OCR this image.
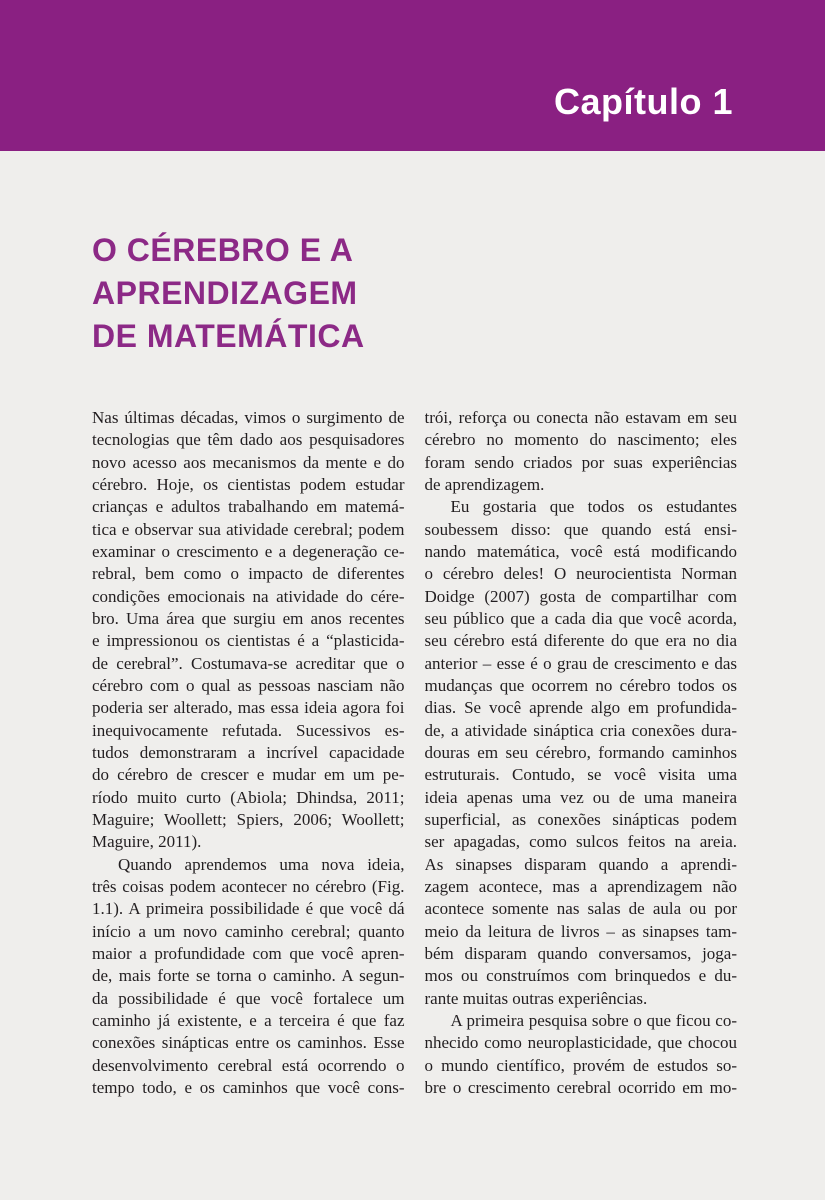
Capítulo 1
O CÉREBRO E A
APRENDIZAGEM
DE MATEMÁTICA
Nas últimas décadas, vimos o surgimento de
tecnologias que têm dado aos pesquisadores
novo acesso aos mecanismos da mente e do
cérebro. Hoje, os cientistas podem estudar
crianças e adultos trabalhando em matemá-
tica e observar sua atividade cerebral; podem
examinar o crescimento e a degeneração ce-
rebral, bem como o impacto de diferentes
condições emocionais na atividade do cére-
bro. Uma área que surgiu em anos recentes
e impressionou os cientistas é a “plasticida-
de cerebral”. Costumava-se acreditar que o
cérebro com o qual as pessoas nasciam não
poderia ser alterado, mas essa ideia agora foi
inequivocamente refutada. Sucessivos es-
tudos demonstraram a incrível capacidade
do cérebro de crescer e mudar em um pe-
ríodo muito curto (Abiola; Dhindsa, 2011;
Maguire; Woollett; Spiers, 2006; Woollett;
Maguire, 2011).
Quando aprendemos uma nova ideia,
três coisas podem acontecer no cérebro (Fig.
1.1). A primeira possibilidade é que você dá
início a um novo caminho cerebral; quanto
maior a profundidade com que você apren-
de, mais forte se torna o caminho. A segun-
da possibilidade é que você fortalece um
caminho já existente, e a terceira é que faz
conexões sinápticas entre os caminhos. Esse
desenvolvimento cerebral está ocorrendo o
tempo todo, e os caminhos que você cons-
trói, reforça ou conecta não estavam em seu
cérebro no momento do nascimento; eles
foram sendo criados por suas experiências
de aprendizagem.
Eu gostaria que todos os estudantes
soubessem disso: que quando está ensi-
nando matemática, você está modificando
o cérebro deles! O neurocientista Norman
Doidge (2007) gosta de compartilhar com
seu público que a cada dia que você acorda,
seu cérebro está diferente do que era no dia
anterior – esse é o grau de crescimento e das
mudanças que ocorrem no cérebro todos os
dias. Se você aprende algo em profundida-
de, a atividade sináptica cria conexões dura-
douras em seu cérebro, formando caminhos
estruturais. Contudo, se você visita uma
ideia apenas uma vez ou de uma maneira
superficial, as conexões sinápticas podem
ser apagadas, como sulcos feitos na areia.
As sinapses disparam quando a aprendi-
zagem acontece, mas a aprendizagem não
acontece somente nas salas de aula ou por
meio da leitura de livros – as sinapses tam-
bém disparam quando conversamos, joga-
mos ou construímos com brinquedos e du-
rante muitas outras experiências.
A primeira pesquisa sobre o que ficou co-
nhecido como neuroplasticidade, que chocou
o mundo científico, provém de estudos so-
bre o crescimento cerebral ocorrido em mo-
